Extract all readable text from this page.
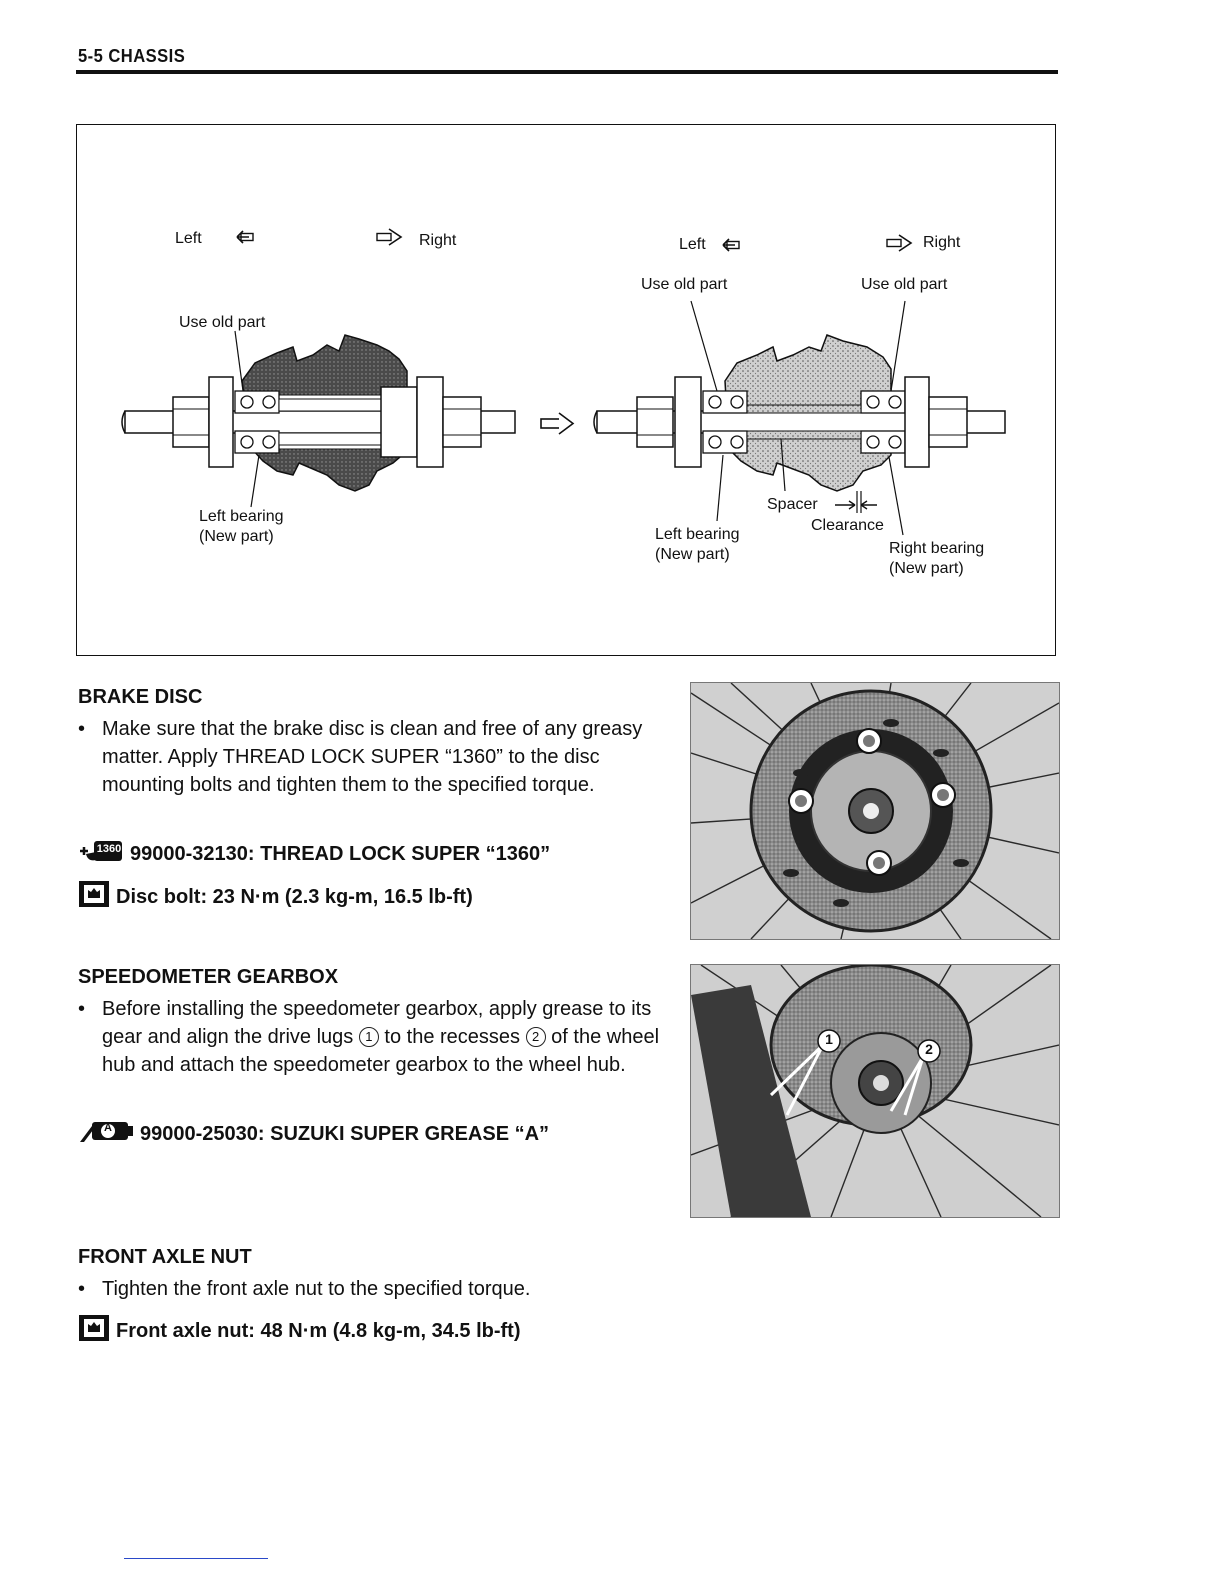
5-5 CHASSIS
Left	Right
Use old part
Left bearing
(New part)
Left	Right
Use old part	Use old part
Spacer
Clearance
Left bearing
(New part)	Right bearing
(New part)
BRAKE DISC
• Make sure that the brake disc is clean and free of any greasy matter. Apply THREAD LOCK SUPER “1360” to the disc mounting bolts and tighten them to the specified torque.
1360 99000-32130: THREAD LOCK SUPER “1360”
Disc bolt: 23 N·m (2.3 kg-m, 16.5 lb-ft)
SPEEDOMETER GEARBOX
• Before installing the speedometer gearbox, apply grease to its gear and align the drive lugs 1 to the recesses 2 of the wheel hub and attach the speedometer gearbox to the wheel hub.
A 99000-25030: SUZUKI SUPER GREASE “A”
1
2
FRONT AXLE NUT
• Tighten the front axle nut to the specified torque.
Front axle nut: 48 N·m (4.8 kg-m, 34.5 lb-ft)
